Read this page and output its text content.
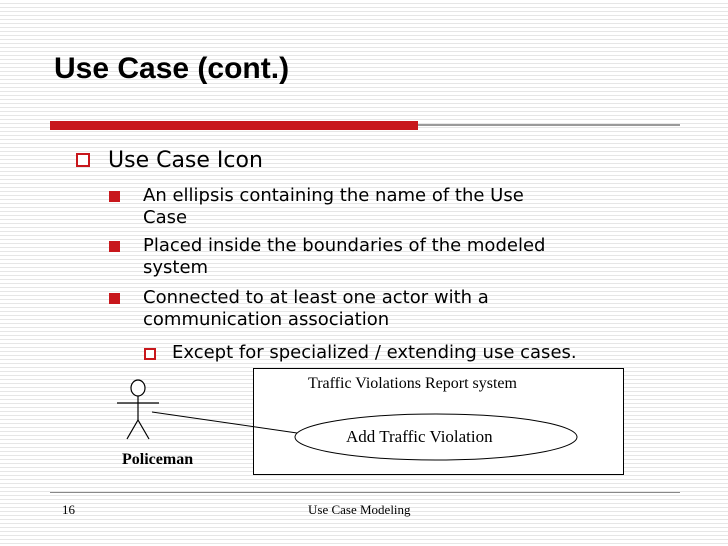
Use Case (cont.)
Use Case Icon
An ellipsis containing the name of the Use
Case
Placed inside the boundaries of the modeled
system
Connected to at least one actor with a
communication association
Except for specialized / extending use cases.
Traffic Violations Report system
Add Traffic Violation
Policeman
16	Use Case Modeling
